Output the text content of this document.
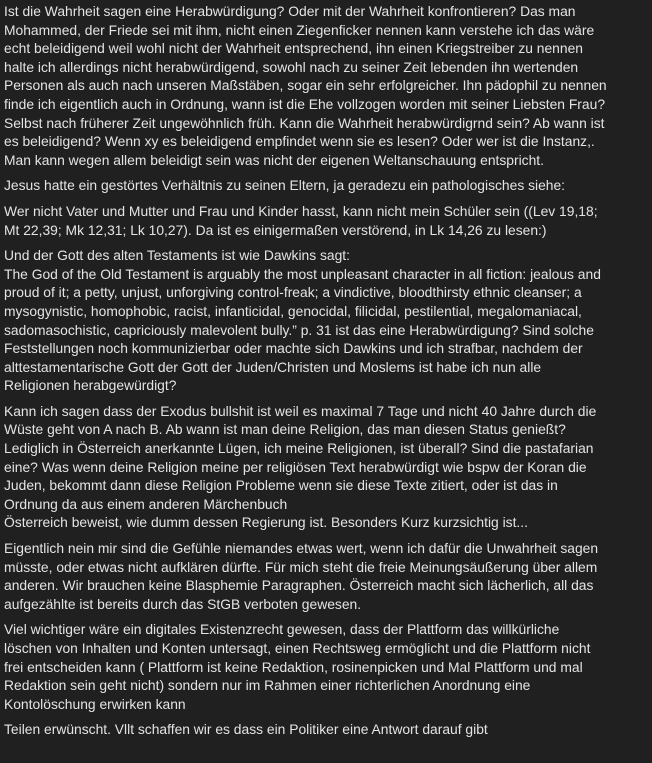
Ist die Wahrheit sagen eine Herabwürdigung? Oder mit der Wahrheit konfrontieren? Das man
Mohammed, der Friede sei mit ihm, nicht einen Ziegenficker nennen kann verstehe ich das wäre
echt beleidigend weil wohl nicht der Wahrheit entsprechend, ihn einen Kriegstreiber zu nennen
halte ich allerdings nicht herabwürdigend, sowohl nach zu seiner Zeit lebenden ihn wertenden
Personen als auch nach unseren Maßstäben, sogar ein sehr erfolgreicher. Ihn pädophil zu nennen
finde ich eigentlich auch in Ordnung, wann ist die Ehe vollzogen worden mit seiner Liebsten Frau?
Selbst nach früherer Zeit ungewöhnlich früh. Kann die Wahrheit herabwürdigrnd sein? Ab wann ist
es beleidigend? Wenn xy es beleidigend empfindet wenn sie es lesen? Oder wer ist die Instanz,.
Man kann wegen allem beleidigt sein was nicht der eigenen Weltanschauung entspricht.

Jesus hatte ein gestörtes Verhältnis zu seinen Eltern, ja geradezu ein pathologisches siehe:

Wer nicht Vater und Mutter und Frau und Kinder hasst, kann nicht mein Schüler sein ((Lev 19,18;
Mt 22,39; Mk 12,31; Lk 10,27). Da ist es einigermaßen verstörend, in Lk 14,26 zu lesen:)

Und der Gott des alten Testaments ist wie Dawkins sagt:
The God of the Old Testament is arguably the most unpleasant character in all fiction: jealous and
proud of it; a petty, unjust, unforgiving control-freak; a vindictive, bloodthirsty ethnic cleanser; a
mysogynistic, homophobic, racist, infanticidal, genocidal, filicidal, pestilential, megalomaniacal,
sadomasochistic, capriciously malevolent bully.” p. 31 ist das eine Herabwürdigung? Sind solche
Feststellungen noch kommunizierbar oder machte sich Dawkins und ich strafbar, nachdem der
alttestamentarische Gott der Gott der Juden/Christen und Moslems ist habe ich nun alle
Religionen herabgewürdigt?

Kann ich sagen dass der Exodus bullshit ist weil es maximal 7 Tage und nicht 40 Jahre durch die
Wüste geht von A nach B. Ab wann ist man deine Religion, das man diesen Status genießt?
Lediglich in Österreich anerkannte Lügen, ich meine Religionen, ist überall? Sind die pastafarian
eine? Was wenn deine Religion meine per religiösen Text herabwürdigt wie bspw der Koran die
Juden, bekommt dann diese Religion Probleme wenn sie diese Texte zitiert, oder ist das in
Ordnung da aus einem anderen Märchenbuch
Österreich beweist, wie dumm dessen Regierung ist. Besonders Kurz kurzsichtig ist...

Eigentlich nein mir sind die Gefühle niemandes etwas wert, wenn ich dafür die Unwahrheit sagen
müsste, oder etwas nicht aufklären dürfte. Für mich steht die freie Meinungsäußerung über allem
anderen. Wir brauchen keine Blasphemie Paragraphen. Österreich macht sich lächerlich, all das
aufgezählte ist bereits durch das StGB verboten gewesen.

Viel wichtiger wäre ein digitales Existenzrecht gewesen, dass der Plattform das willkürliche
löschen von Inhalten und Konten untersagt, einen Rechtsweg ermöglicht und die Plattform nicht
frei entscheiden kann ( Plattform ist keine Redaktion, rosinenpicken und Mal Plattform und mal
Redaktion sein geht nicht) sondern nur im Rahmen einer richterlichen Anordnung eine
Kontolöschung erwirken kann

Teilen erwünscht. Vllt schaffen wir es dass ein Politiker eine Antwort darauf gibt
